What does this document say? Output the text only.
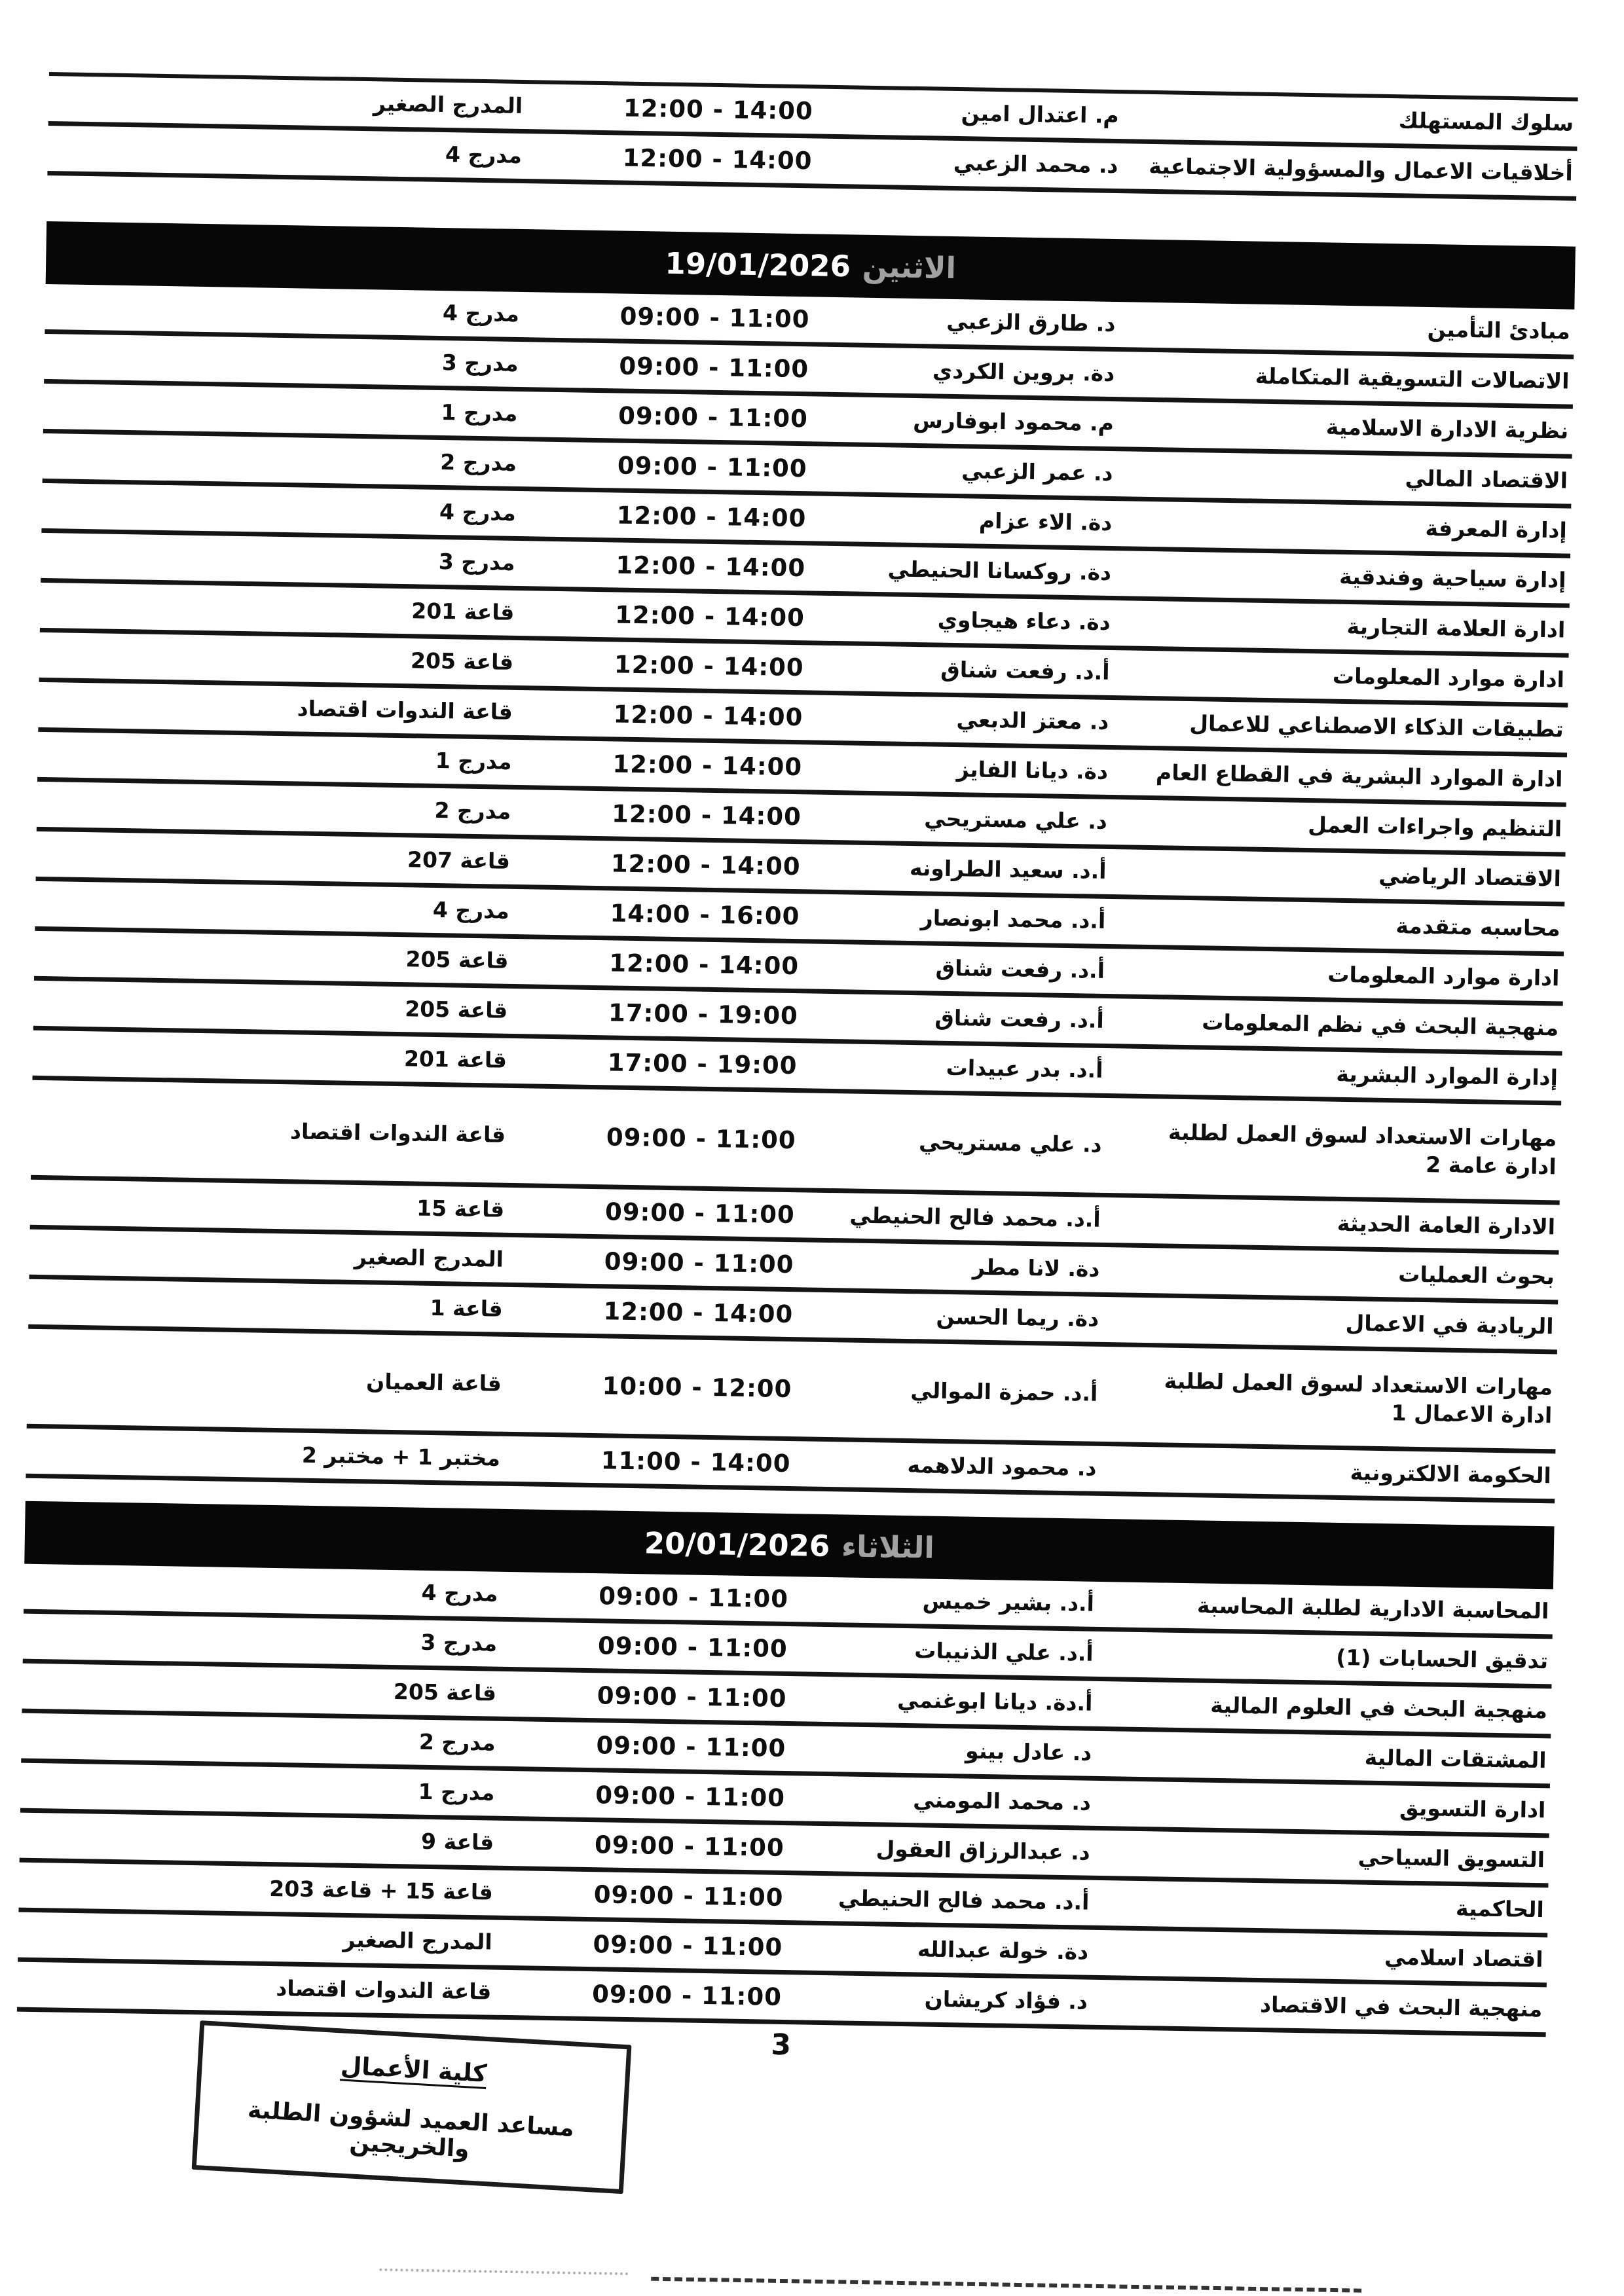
سلوك المستهلك
م. اعتدال امين
12:00 - 14:00
المدرج الصغير
أخلاقيات الاعمال والمسؤولية الاجتماعية
د. محمد الزعبي
12:00 - 14:00
مدرج 4
الاثنين
19/01/2026
مبادئ التأمين
د. طارق الزعبي
09:00 - 11:00
مدرج 4
الاتصالات التسويقية المتكاملة
دة. بروين الكردي
09:00 - 11:00
مدرج 3
نظرية الادارة الاسلامية
م. محمود ابوفارس
09:00 - 11:00
مدرج 1
الاقتصاد المالي
د. عمر الزعبي
09:00 - 11:00
مدرج 2
إدارة المعرفة
دة. الاء عزام
12:00 - 14:00
مدرج 4
إدارة سياحية وفندقية
دة. روكسانا الحنيطي
12:00 - 14:00
مدرج 3
ادارة العلامة التجارية
دة. دعاء هيجاوي
12:00 - 14:00
قاعة 201
ادارة موارد المعلومات
أ.د. رفعت شناق
12:00 - 14:00
قاعة 205
تطبيقات الذكاء الاصطناعي للاعمال
د. معتز الدبعي
12:00 - 14:00
قاعة الندوات اقتصاد
ادارة الموارد البشرية في القطاع العام
دة. ديانا الفايز
12:00 - 14:00
مدرج 1
التنظيم واجراءات العمل
د. علي مستريحي
12:00 - 14:00
مدرج 2
الاقتصاد الرياضي
أ.د. سعيد الطراونه
12:00 - 14:00
قاعة 207
محاسبه متقدمة
أ.د. محمد ابونصار
14:00 - 16:00
مدرج 4
ادارة موارد المعلومات
أ.د. رفعت شناق
12:00 - 14:00
قاعة 205
منهجية البحث في نظم المعلومات
أ.د. رفعت شناق
17:00 - 19:00
قاعة 205
إدارة الموارد البشرية
أ.د. بدر عبيدات
17:00 - 19:00
قاعة 201
مهارات الاستعداد لسوق العمل لطلبة
ادارة عامة 2
د. علي مستريحي
09:00 - 11:00
قاعة الندوات اقتصاد
الادارة العامة الحديثة
أ.د. محمد فالح الحنيطي
09:00 - 11:00
قاعة 15
بحوث العمليات
دة. لانا مطر
09:00 - 11:00
المدرج الصغير
الريادية في الاعمال
دة. ريما الحسن
12:00 - 14:00
قاعة 1
مهارات الاستعداد لسوق العمل لطلبة
ادارة الاعمال 1
أ.د. حمزة الموالي
10:00 - 12:00
قاعة العميان
الحكومة الالكترونية
د. محمود الدلاهمه
11:00 - 14:00
مختبر 1 + مختبر 2
الثلاثاء
20/01/2026
المحاسبة الادارية لطلبة المحاسبة
أ.د. بشير خميس
09:00 - 11:00
مدرج 4
تدقيق الحسابات (1)
أ.د. علي الذنيبات
09:00 - 11:00
مدرج 3
منهجية البحث في العلوم المالية
أ.دة. ديانا ابوغنمي
09:00 - 11:00
قاعة 205
المشتقات المالية
د. عادل بينو
09:00 - 11:00
مدرج 2
ادارة التسويق
د. محمد المومني
09:00 - 11:00
مدرج 1
التسويق السياحي
د. عبدالرزاق العقول
09:00 - 11:00
قاعة 9
الحاكمية
أ.د. محمد فالح الحنيطي
09:00 - 11:00
قاعة 15 + قاعة 203
اقتصاد اسلامي
دة. خولة عبدالله
09:00 - 11:00
المدرج الصغير
منهجية البحث في الاقتصاد
د. فؤاد كريشان
09:00 - 11:00
قاعة الندوات اقتصاد
3
كلية الأعمال
مساعد العميد لشؤون الطلبة والخريجين
